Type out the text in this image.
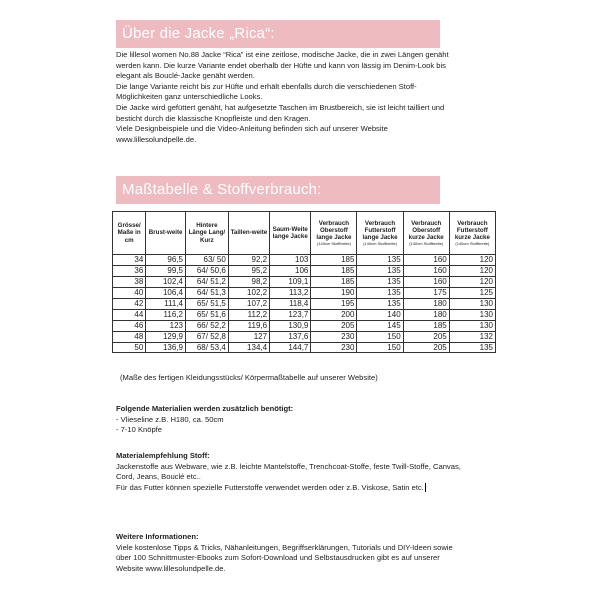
Über die Jacke „Rica“:
Die lillesol women No.88 Jacke “Rica” ist eine zeitlose, modische Jacke, die in zwei Längen genäht
werden kann. Die kurze Variante endet oberhalb der Hüfte und kann von lässig im Denim-Look bis
elegant als Bouclé-Jacke genäht werden.
Die lange Variante reicht bis zur Hüfte und erhält ebenfalls durch die verschiedenen Stoff-
Möglichkeiten ganz unterschiedliche Looks.
Die Jacke wird gefüttert genäht, hat aufgesetzte Taschen im Brustbereich, sie ist leicht tailliert und
besticht durch die klassische Knopfleiste und den Kragen.
Viele Designbeispiele und die Video-Anleitung befinden sich auf unserer Website
www.lillesolundpelle.de.
Maßtabelle & Stoffverbrauch:
Grösse/ Maße in cm	Brust-weite	Hintere Länge Lang/ Kurz	Taillen-weite	Saum-Weite lange Jacke	Verbrauch Oberstoff lange Jacke
(140cm Stoffbreite)	Verbrauch Futterstoff lange Jacke
(140cm Stoffbreite)	Verbrauch Oberstoff kurze Jacke
(140cm Stoffbreite)	Verbrauch Futterstoff kurze Jacke
(140cm Stoffbreite)

34	96,5	63/ 50	92,2	103	185	135	160	120
36	99,5	64/ 50,6	95,2	106	185	135	160	120
38	102,4	64/ 51,2	98,2	109,1	185	135	160	120
40	106,4	64/ 51,3	102,2	113,2	190	135	175	125
42	111,4	65/ 51,5	107,2	118,4	195	135	180	130
44	116,2	65/ 51,6	112,2	123,7	200	140	180	130
46	123	66/ 52,2	119,6	130,9	205	145	185	130
48	129,9	67/ 52,8	127	137,6	230	150	205	132
50	136,9	68/ 53,4	134,4	144,7	230	150	205	135
(Maße des fertigen Kleidungsstücks/ Körpermaßtabelle auf unserer Website)
Folgende Materialien werden zusätzlich benötigt:
- Vlieseline z.B. H180, ca. 50cm
- 7-10 Knöpfe
Materialempfehlung Stoff:
Jackenstoffe aus Webware, wie z.B. leichte Mantelstoffe, Trenchcoat-Stoffe, feste Twill-Stoffe, Canvas,
Cord, Jeans, Bouclé etc..
Für das Futter können spezielle Futterstoffe verwendet werden oder z.B. Viskose, Satin etc.
Weitere Informationen:
Viele kostenlose Tipps & Tricks, Nähanleitungen, Begriffserklärungen, Tutorials und DIY-Ideen sowie
über 100 Schnittmuster-Ebooks zum Sofort-Download und Selbstausdrucken gibt es auf unserer
Website www.lillesolundpelle.de.
